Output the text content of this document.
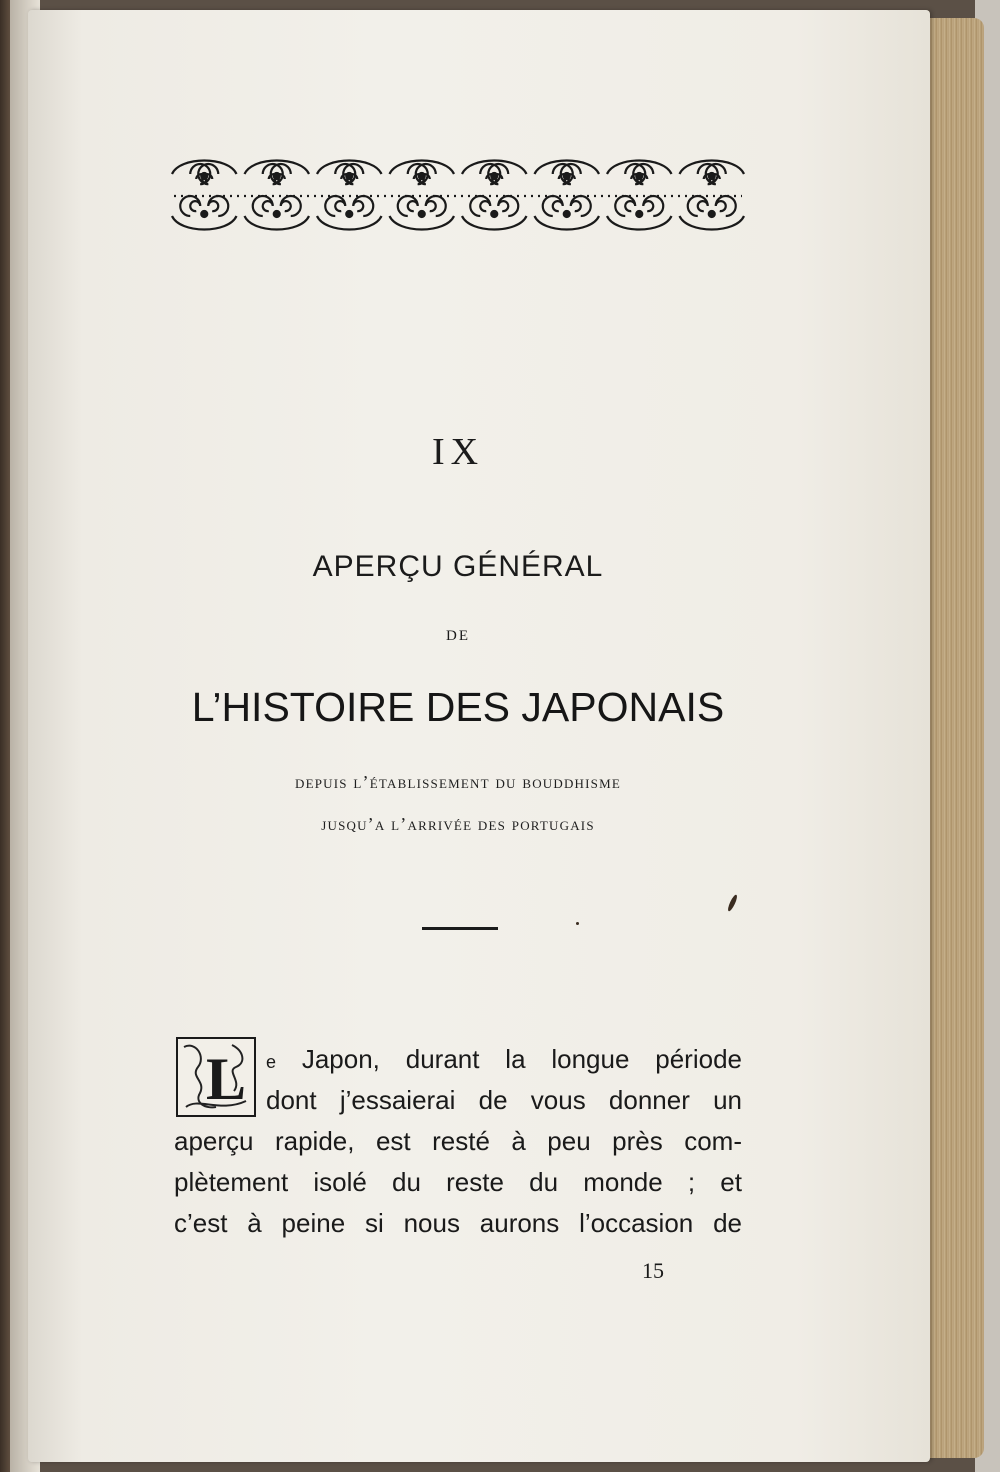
IX
APERÇU GÉNÉRAL
DE
L’HISTOIRE DES JAPONAIS
depuis l’établissement du bouddhisme
jusqu’a l’arrivée des portugais
L e Japon, durant la longue période
dont j’essaierai de vous donner un
aperçu rapide, est resté à peu près com-
plètement isolé du reste du monde ; et
c’est à peine si nous aurons l’occasion de
15
